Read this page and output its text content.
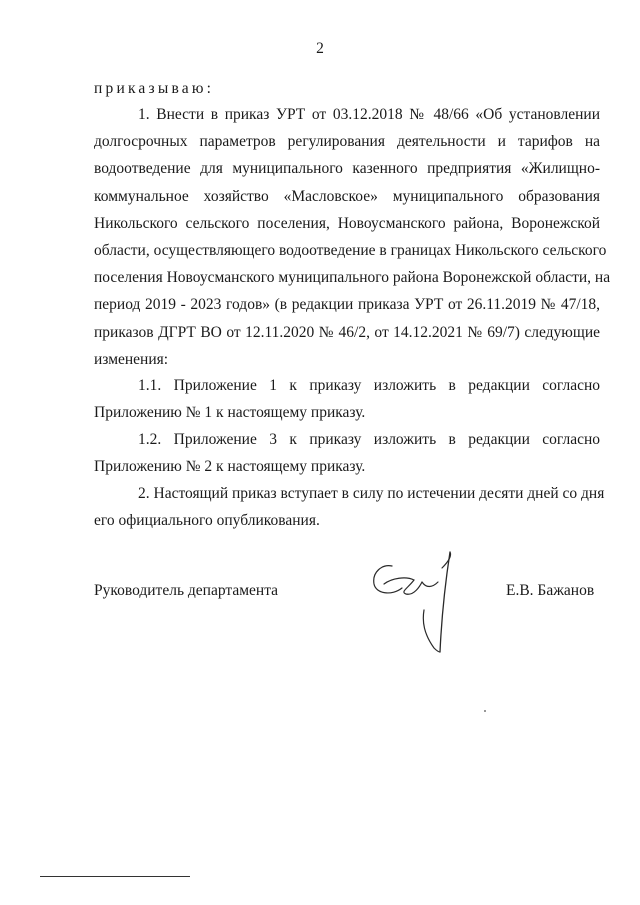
2
приказываю:
1. Внести в приказ УРТ от 03.12.2018 № 48/66 «Об установлении
долгосрочных параметров регулирования деятельности и тарифов на
водоотведение для муниципального казенного предприятия «Жилищно-
коммунальное хозяйство «Масловское» муниципального образования
Никольского сельского поселения, Новоусманского района, Воронежской
области, осуществляющего водоотведение в границах Никольского сельского
поселения Новоусманского муниципального района Воронежской области, на
период 2019 - 2023 годов» (в редакции приказа УРТ от 26.11.2019 № 47/18,
приказов ДГРТ ВО от 12.11.2020 № 46/2, от 14.12.2021 № 69/7) следующие
изменения:
1.1. Приложение 1 к приказу изложить в редакции согласно
Приложению № 1 к настоящему приказу.
1.2. Приложение 3 к приказу изложить в редакции согласно
Приложению № 2 к настоящему приказу.
2. Настоящий приказ вступает в силу по истечении десяти дней со дня
его официального опубликования.
Руководитель департамента	Е.В. Бажанов
